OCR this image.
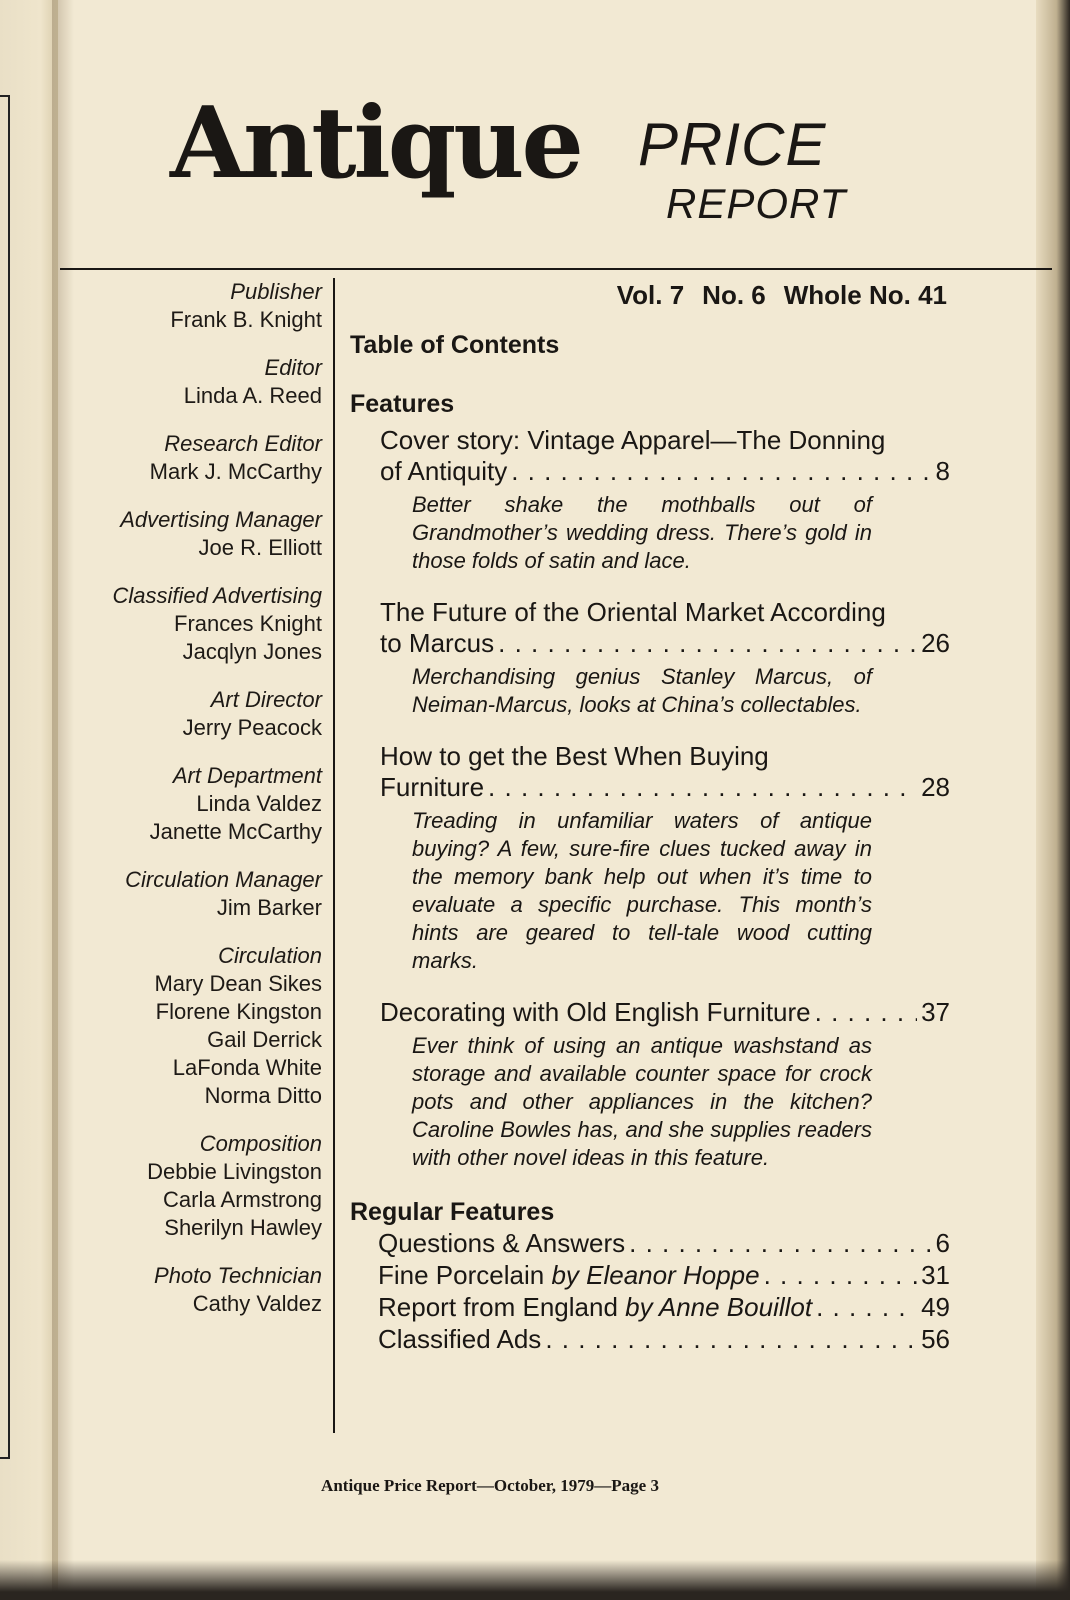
Antique PRICE
REPORT
Publisher
Frank B. Knight
Editor
Linda A. Reed
Research Editor
Mark J. McCarthy
Advertising Manager
Joe R. Elliott
Classified Advertising
Frances Knight
Jacqlyn Jones
Art Director
Jerry Peacock
Art Department
Linda Valdez
Janette McCarthy
Circulation Manager
Jim Barker
Circulation
Mary Dean Sikes
Florene Kingston
Gail Derrick
LaFonda White
Norma Ditto
Composition
Debbie Livingston
Carla Armstrong
Sherilyn Hawley
Photo Technician
Cathy Valdez
Vol. 7 No. 6 Whole No. 41
Table of Contents
Features
Cover story: Vintage Apparel—The Donning
of Antiquity . . .	8
Better shake the mothballs out of Grandmother’s wedding dress. There’s gold in those folds of satin and lace.
The Future of the Oriental Market According
to Marcus . . .	26
Merchandising genius Stanley Marcus, of Neiman-Marcus, looks at China’s collectables.
How to get the Best When Buying
Furniture . . .	28
Treading in unfamiliar waters of antique buying? A few, sure-fire clues tucked away in the memory bank help out when it’s time to evaluate a specific purchase. This month’s hints are geared to tell-tale wood cutting marks.
Decorating with Old English Furniture . . .	37
Ever think of using an antique washstand as storage and available counter space for crock pots and other appliances in the kitchen? Caroline Bowles has, and she supplies readers with other novel ideas in this feature.
Regular Features
Questions & Answers . . .	6
Fine Porcelain by Eleanor Hoppe . . .	31
Report from England by Anne Bouillot . . .	49
Classified Ads . . .	56
Antique Price Report—October, 1979—Page 3
